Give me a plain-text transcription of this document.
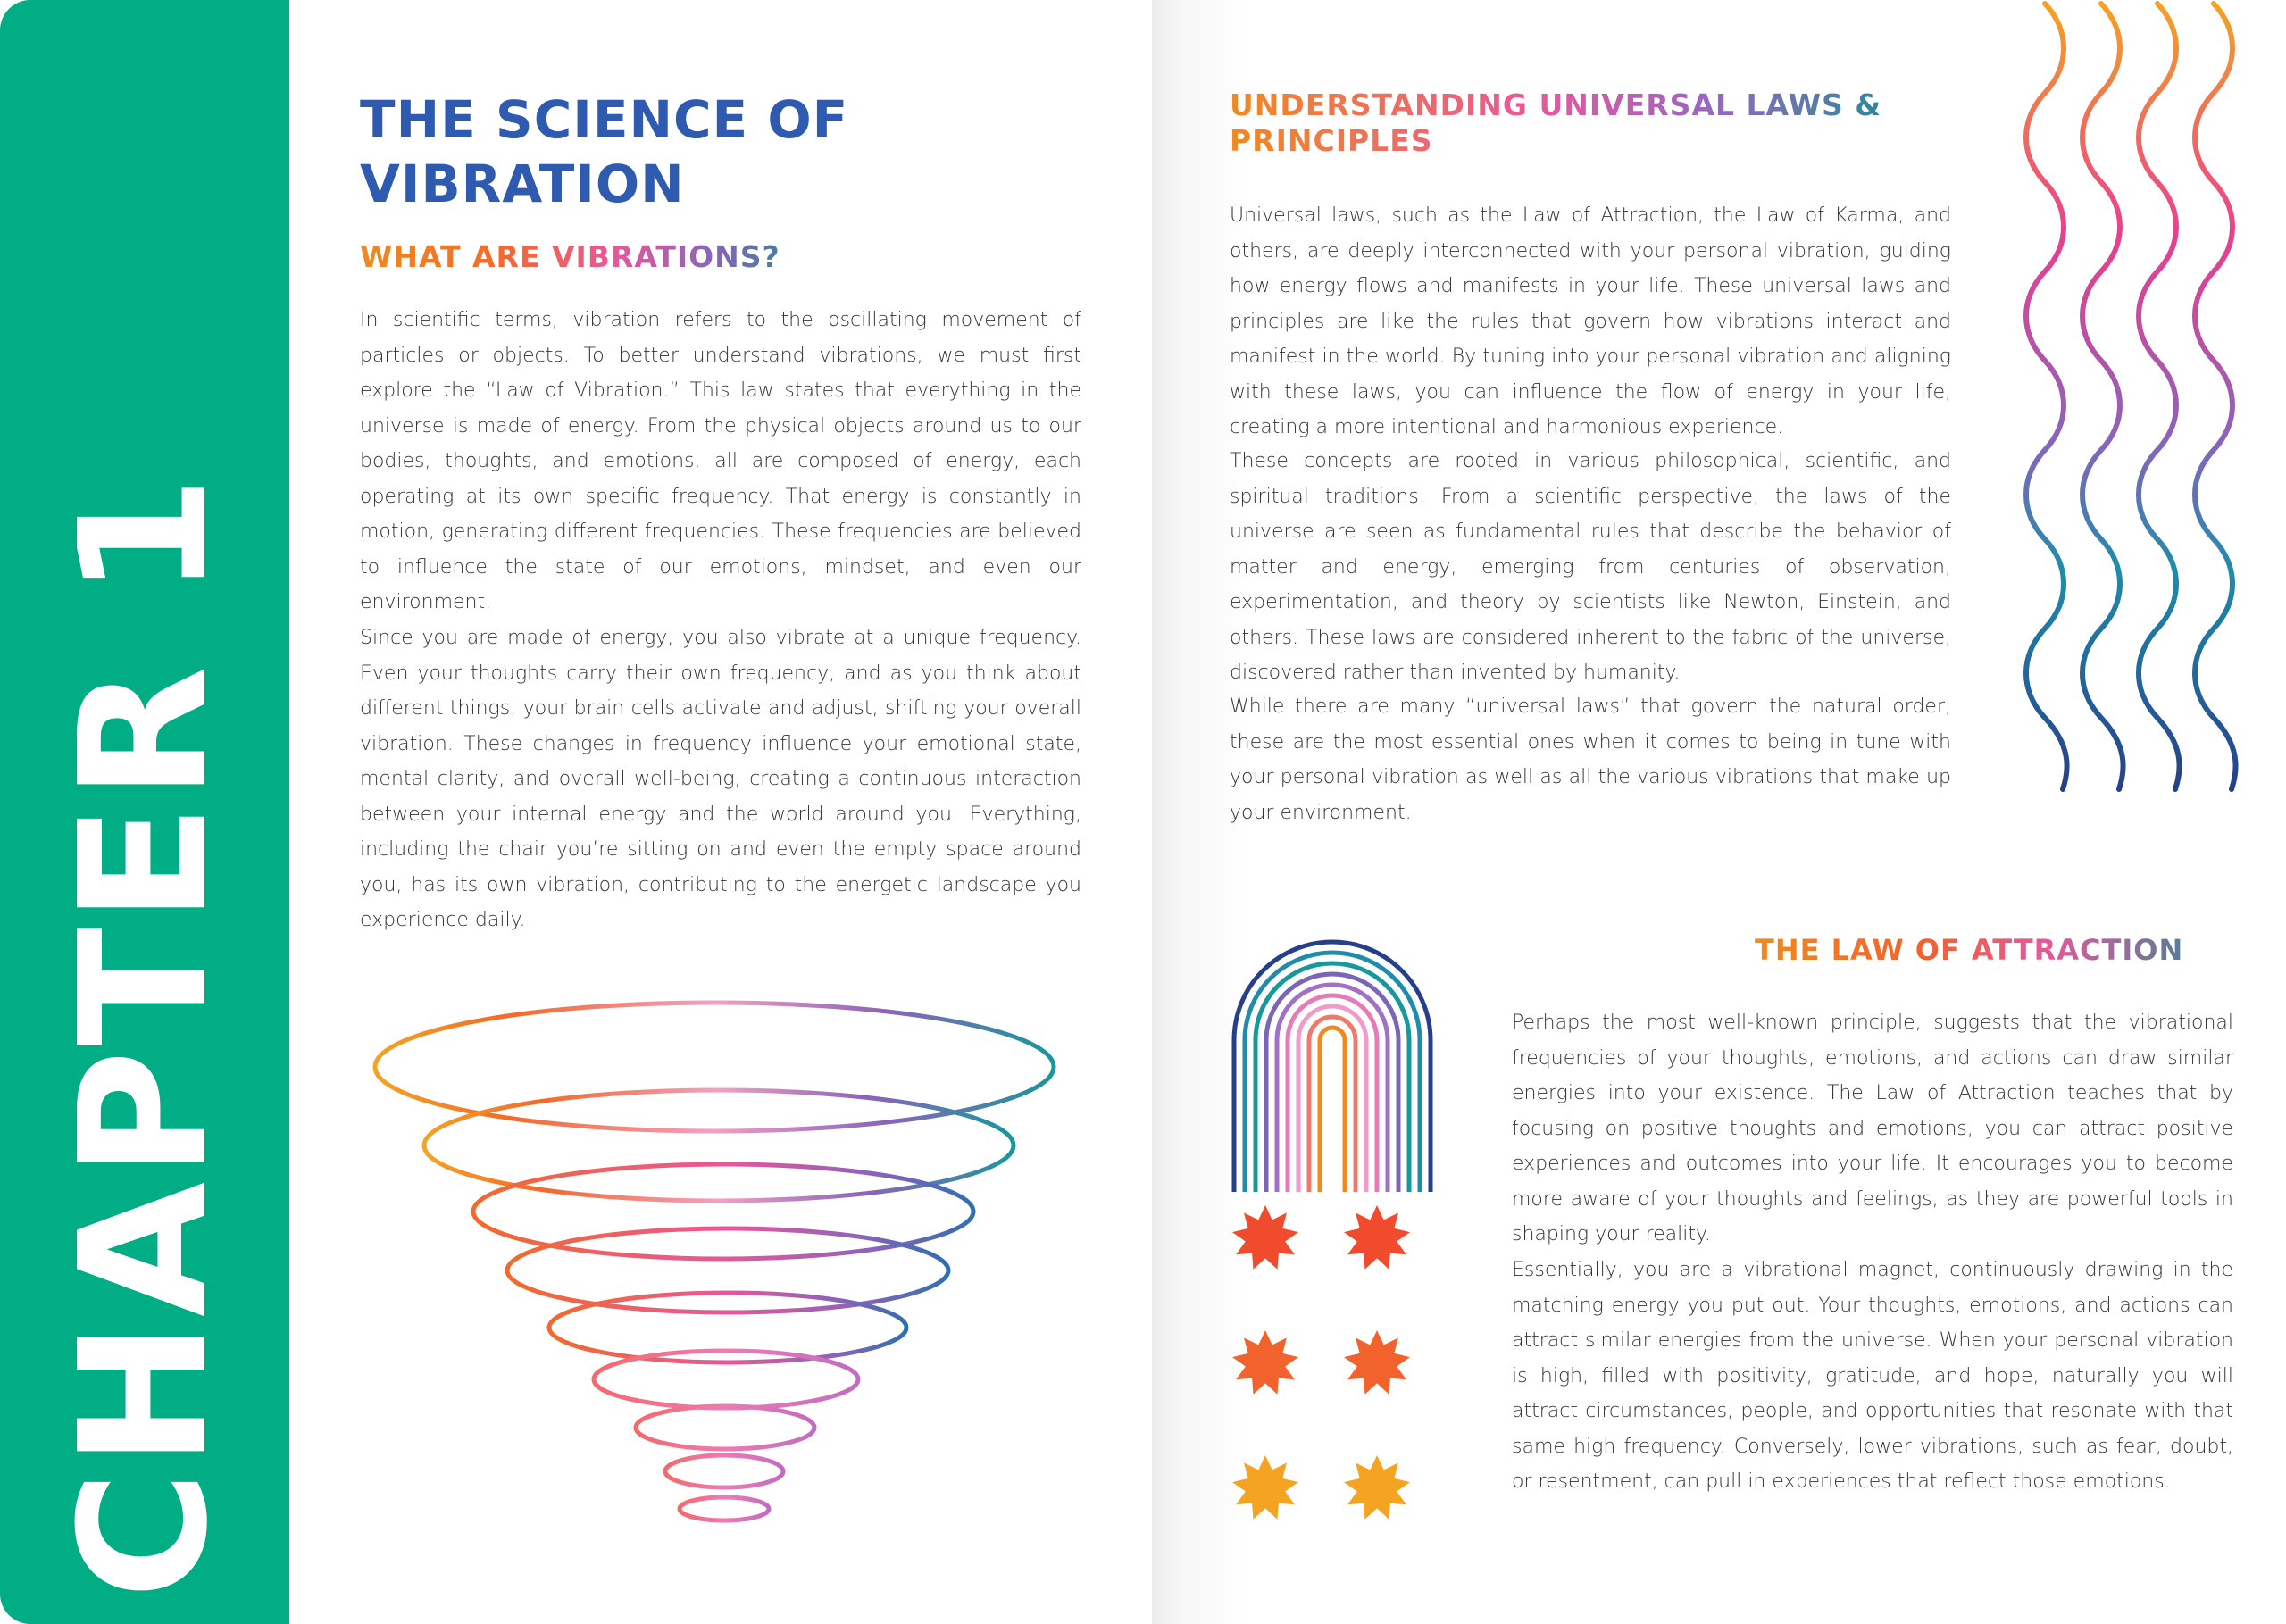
CHAPTER 1
THE SCIENCE OF VIBRATION
WHAT ARE VIBRATIONS?

In scientific terms, vibration refers to the oscillating movement of particles or objects. To better understand vibrations, we must first explore the “Law of Vibration.” This law states that everything in the universe is made of energy. From the physical objects around us to our bodies, thoughts, and emotions, all are composed of energy, each operating at its own specific frequency. That energy is constantly in motion, generating different frequencies. These frequencies are believed to influence the state of our emotions, mindset, and even our environment.

Since you are made of energy, you also vibrate at a unique frequency. Even your thoughts carry their own frequency, and as you think about different things, your brain cells activate and adjust, shifting your overall vibration. These changes in frequency influence your emotional state, mental clarity, and overall well-being, creating a continuous interaction between your internal energy and the world around you. Everything, including the chair you’re sitting on and even the empty space around you, has its own vibration, contributing to the energetic landscape you experience daily.

UNDERSTANDING UNIVERSAL LAWS & PRINCIPLES

Universal laws, such as the Law of Attraction, the Law of Karma, and others, are deeply interconnected with your personal vibration, guiding how energy flows and manifests in your life. These universal laws and principles are like the rules that govern how vibrations interact and manifest in the world. By tuning into your personal vibration and aligning with these laws, you can influence the flow of energy in your life, creating a more intentional and harmonious experience.

These concepts are rooted in various philosophical, scientific, and spiritual traditions. From a scientific perspective, the laws of the universe are seen as fundamental rules that describe the behavior of matter and energy, emerging from centuries of observation, experimentation, and theory by scientists like Newton, Einstein, and others. These laws are considered inherent to the fabric of the universe, discovered rather than invented by humanity.

While there are many “universal laws” that govern the natural order, these are the most essential ones when it comes to being in tune with your personal vibration as well as all the various vibrations that make up your environment.

THE LAW OF ATTRACTION

Perhaps the most well-known principle, suggests that the vibrational frequencies of your thoughts, emotions, and actions can draw similar energies into your existence. The Law of Attraction teaches that by focusing on positive thoughts and emotions, you can attract positive experiences and outcomes into your life. It encourages you to become more aware of your thoughts and feelings, as they are powerful tools in shaping your reality.

Essentially, you are a vibrational magnet, continuously drawing in the matching energy you put out. Your thoughts, emotions, and actions can attract similar energies from the universe. When your personal vibration is high, filled with positivity, gratitude, and hope, naturally you will attract circumstances, people, and opportunities that resonate with that same high frequency. Conversely, lower vibrations, such as fear, doubt, or resentment, can pull in experiences that reflect those emotions.
